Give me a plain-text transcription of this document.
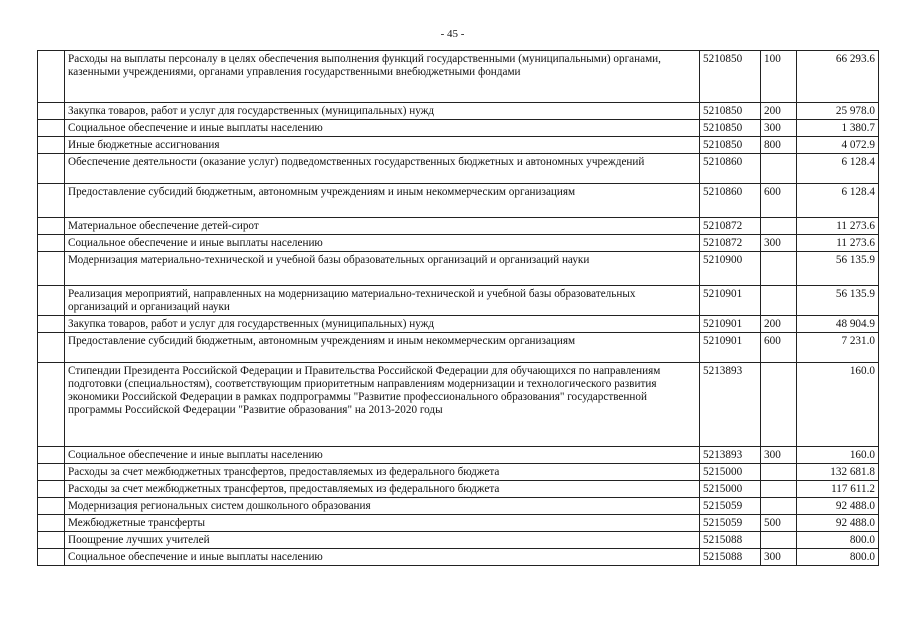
- 45 -
	Расходы на выплаты персоналу в целях обеспечения выполнения функций государственными (муниципальными) органами, казенными учреждениями, органами управления государственными внебюджетными фондами	5210850	100	66 293.6
	Закупка товаров, работ и услуг для государственных (муниципальных) нужд	5210850	200	25 978.0
	Социальное обеспечение и иные выплаты населению	5210850	300	1 380.7
	Иные бюджетные ассигнования	5210850	800	4 072.9
	Обеспечение деятельности (оказание услуг) подведомственных государственных бюджетных и автономных учреждений	5210860		6 128.4
	Предоставление субсидий бюджетным, автономным учреждениям и иным некоммерческим организациям	5210860	600	6 128.4
	Материальное обеспечение детей-сирот	5210872		11 273.6
	Социальное обеспечение и иные выплаты населению	5210872	300	11 273.6
	Модернизация материально-технической и учебной базы образовательных организаций и организаций науки	5210900		56 135.9
	Реализация мероприятий, направленных на модернизацию материально-технической и учебной базы образовательных организаций и организаций науки	5210901		56 135.9
	Закупка товаров, работ и услуг для государственных (муниципальных) нужд	5210901	200	48 904.9
	Предоставление субсидий бюджетным, автономным учреждениям и иным некоммерческим организациям	5210901	600	7 231.0
	Стипендии Президента Российской Федерации и Правительства Российской Федерации для обучающихся по направлениям подготовки (специальностям), соответствующим приоритетным направлениям модернизации и технологического развития экономики Российской Федерации в рамках подпрограммы "Развитие профессионального образования" государственной программы Российской Федерации "Развитие образования" на 2013-2020 годы	5213893		160.0
	Социальное обеспечение и иные выплаты населению	5213893	300	160.0
	Расходы за счет межбюджетных трансфертов, предоставляемых из федерального бюджета	5215000		132 681.8
	Расходы за счет межбюджетных трансфертов, предоставляемых из федерального бюджета	5215000		117 611.2
	Модернизация региональных систем дошкольного образования	5215059		92 488.0
	Межбюджетные трансферты	5215059	500	92 488.0
	Поощрение лучших учителей	5215088		800.0
	Социальное обеспечение и иные выплаты населению	5215088	300	800.0
